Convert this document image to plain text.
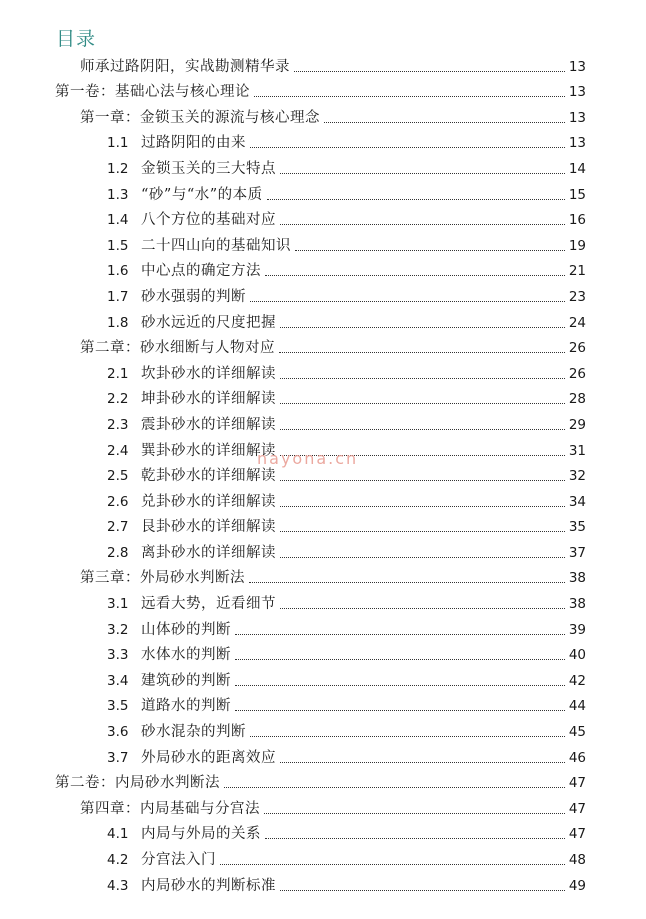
目录
师承过路阴阳，实战勘测精华录	13
第一卷：基础心法与核心理论	13
第一章：金锁玉关的源流与核心理念	13
1.1 过路阴阳的由来	13
1.2 金锁玉关的三大特点	14
1.3 “砂”与“水”的本质	15
1.4 八个方位的基础对应	16
1.5 二十四山向的基础知识	19
1.6 中心点的确定方法	21
1.7 砂水强弱的判断	23
1.8 砂水远近的尺度把握	24
第二章：砂水细断与人物对应	26
2.1 坎卦砂水的详细解读	26
2.2 坤卦砂水的详细解读	28
2.3 震卦砂水的详细解读	29
2.4 巽卦砂水的详细解读	31
2.5 乾卦砂水的详细解读	32
2.6 兑卦砂水的详细解读	34
2.7 艮卦砂水的详细解读	35
2.8 离卦砂水的详细解读	37
第三章：外局砂水判断法	38
3.1 远看大势，近看细节	38
3.2 山体砂的判断	39
3.3 水体水的判断	40
3.4 建筑砂的判断	42
3.5 道路水的判断	44
3.6 砂水混杂的判断	45
3.7 外局砂水的距离效应	46
第二卷：内局砂水判断法	47
第四章：内局基础与分宫法	47
4.1 内局与外局的关系	47
4.2 分宫法入门	48
4.3 内局砂水的判断标准	49
nayona.cn
